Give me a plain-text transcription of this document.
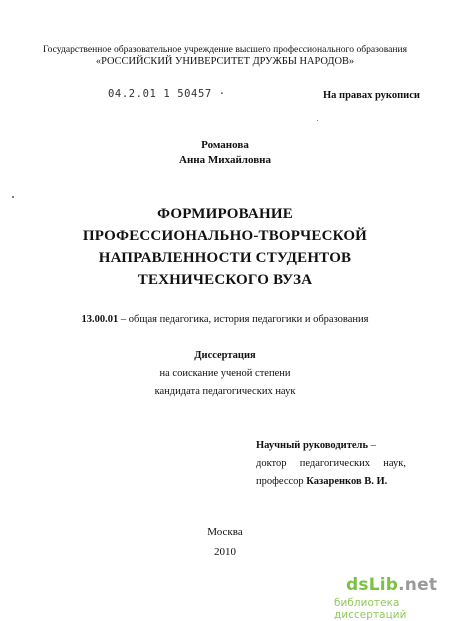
Государственное образовательное учреждение высшего профессионального образования
«РОССИЙСКИЙ УНИВЕРСИТЕТ ДРУЖБЫ НАРОДОВ»
04.2.01 1 50457 ·	На правах рукописи
Романова
Анна Михайловна
ФОРМИРОВАНИЕ
ПРОФЕССИОНАЛЬНО-ТВОРЧЕСКОЙ
НАПРАВЛЕННОСТИ СТУДЕНТОВ
ТЕХНИЧЕСКОГО ВУЗА
13.00.01 – общая педагогика, история педагогики и образования
Диссертация
на соискание ученой степени
кандидата педагогических наук
Научный руководитель –
доктор педагогических наук,
профессор Казаренков В. И.
Москва
2010
dsLib.net
библиотека диссертаций
